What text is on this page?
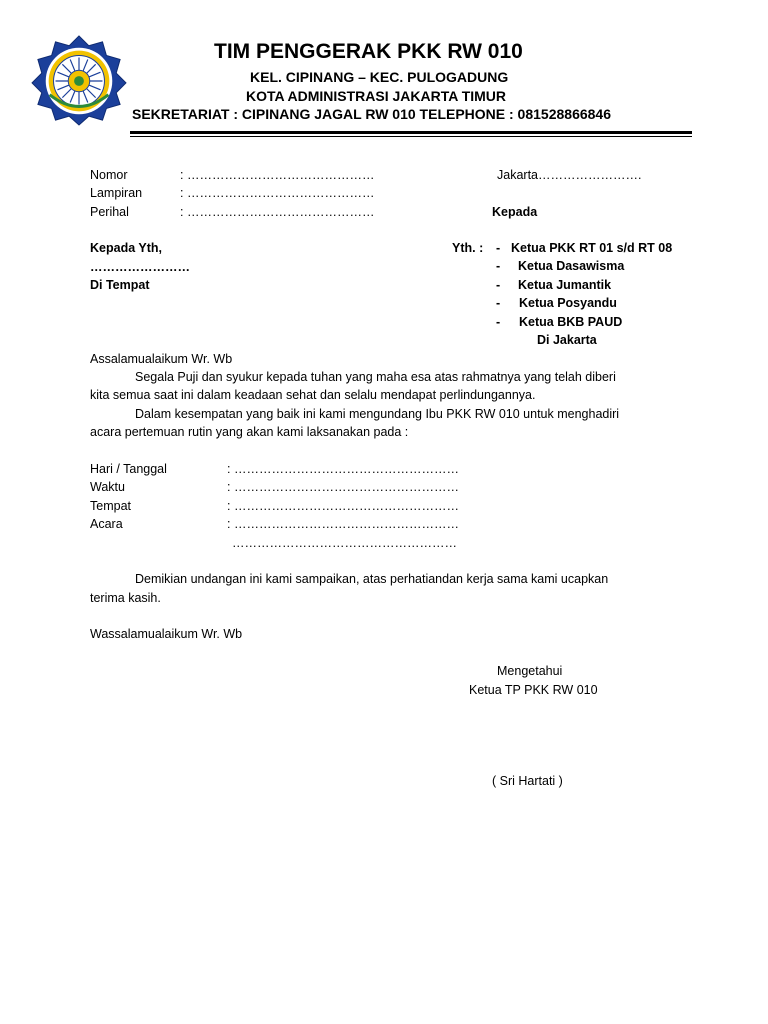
TIM PENGGERAK PKK RW 010
KEL. CIPINANG – KEC. PULOGADUNG
KOTA ADMINISTRASI JAKARTA TIMUR
SEKRETARIAT : CIPINANG JAGAL RW 010 TELEPHONE : 081528866846
Nomor	: ………………………………………	Jakarta…………………….
Lampiran	: ………………………………………
Perihal	: ………………………………………	Kepada
Kepada Yth,
……………………
Di Tempat
Yth. : - Ketua PKK RT 01 s/d RT 08
- Ketua Dasawisma
- Ketua Jumantik
- Ketua Posyandu
- Ketua BKB PAUD
Di Jakarta
Assalamualaikum Wr. Wb
Segala Puji dan syukur kepada tuhan yang maha esa atas rahmatnya yang telah diberi
kita semua saat ini dalam keadaan sehat dan selalu mendapat perlindungannya.
Dalam kesempatan yang baik ini kami mengundang Ibu PKK RW 010 untuk menghadiri
acara pertemuan rutin yang akan kami laksanakan pada :
Hari / Tanggal	: ………………………………………………
Waktu	: ………………………………………………
Tempat	: ………………………………………………
Acara	: ………………………………………………
………………………………………………
Demikian undangan ini kami sampaikan, atas perhatiandan kerja sama kami ucapkan
terima kasih.
Wassalamualaikum Wr. Wb
Mengetahui
Ketua TP PKK RW 010
( Sri Hartati )
